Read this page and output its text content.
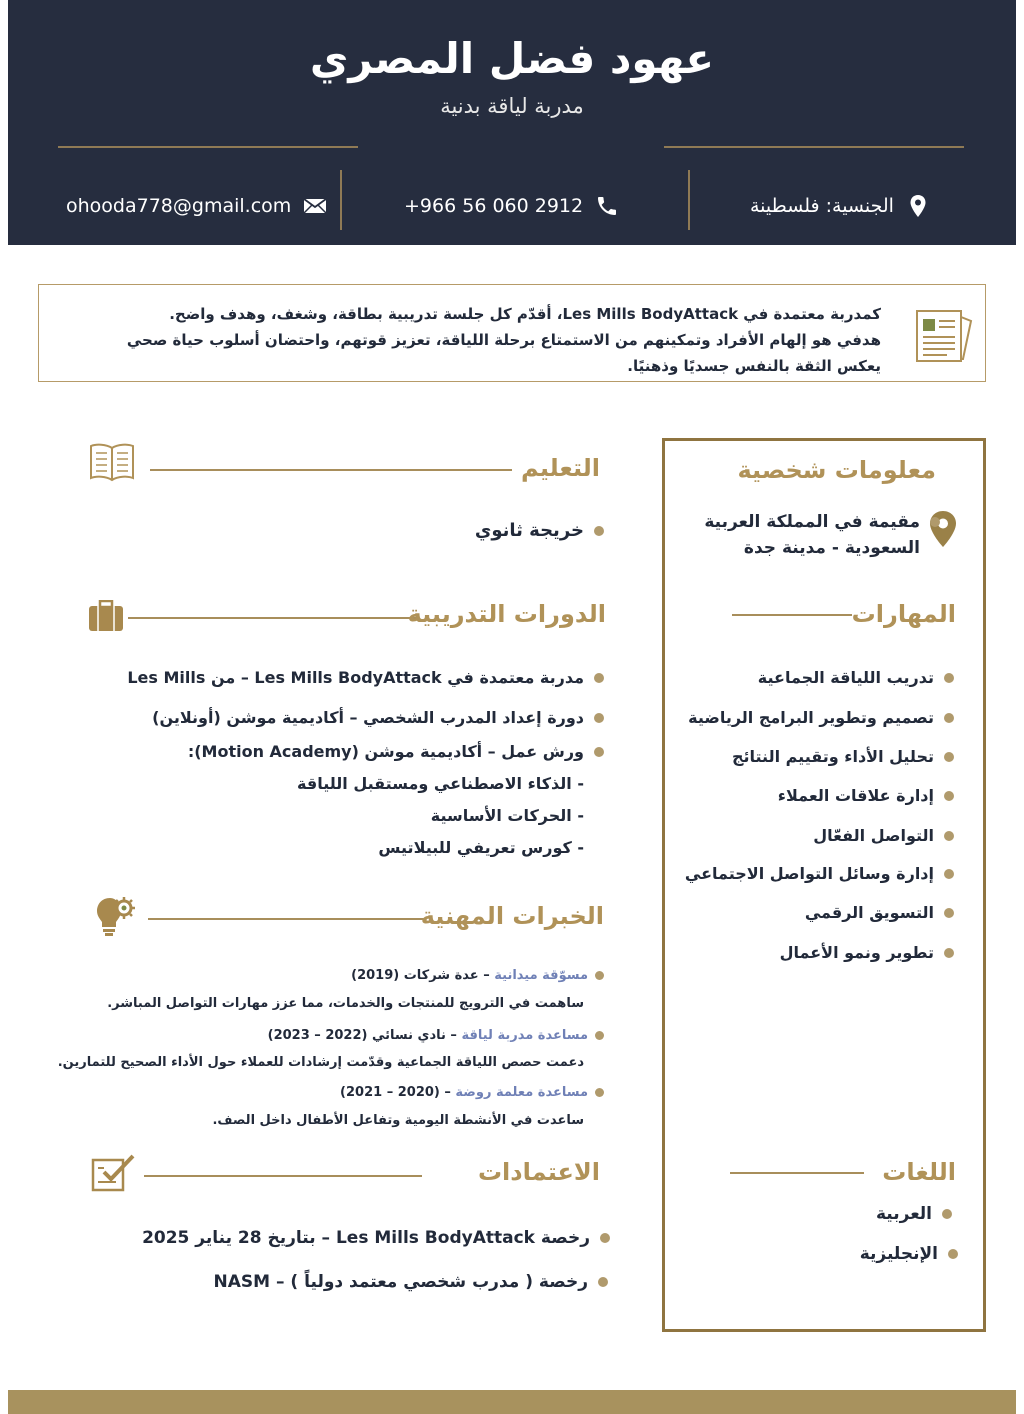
عهود فضل المصري
مدربة لياقة بدنية
ohooda778@gmail.com	+966 56 060 2912	الجنسية: فلسطينة
كمدربة معتمدة في Les Mills BodyAttack، أقدّم كل جلسة تدريبية بطاقة، وشغف، وهدف واضح.
هدفي هو إلهام الأفراد وتمكينهم من الاستمتاع برحلة اللياقة، تعزيز قوتهم، واحتضان أسلوب حياة صحي
يعكس الثقة بالنفس جسديًا وذهنيًا.
معلومات شخصية
مقيمة في المملكة العربية
السعودية - مدينة جدة
المهارات
تدريب اللياقة الجماعية
تصميم وتطوير البرامج الرياضية
تحليل الأداء وتقييم النتائج
إدارة علاقات العملاء
التواصل الفعّال
إدارة وسائل التواصل الاجتماعي
التسويق الرقمي
تطوير ونمو الأعمال
اللغات
العربية
الإنجليزية
التعليم
خريجة ثانوي
الدورات التدريبية
مدربة معتمدة في Les Mills BodyAttack – من Les Mills
دورة إعداد المدرب الشخصي – أكاديمية موشن (أونلاين)
ورش عمل – أكاديمية موشن (Motion Academy):
- الذكاء الاصطناعي ومستقبل اللياقة
- الحركات الأساسية
- كورس تعريفي للبيلاتيس
الخبرات المهنية
مسوّقة ميدانية – عدة شركات (2019)
ساهمت في الترويج للمنتجات والخدمات، مما عزز مهارات التواصل المباشر.
مساعدة مدربة لياقة – نادي نسائي (2022 – 2023)
دعمت حصص اللياقة الجماعية وقدّمت إرشادات للعملاء حول الأداء الصحيح للتمارين.
مساعدة معلمة روضة – (2020 – 2021)
ساعدت في الأنشطة اليومية وتفاعل الأطفال داخل الصف.
الاعتمادات
رخصة Les Mills BodyAttack – بتاريخ 28 يناير 2025
رخصة ( مدرب شخصي معتمد دولياً ) – NASM
